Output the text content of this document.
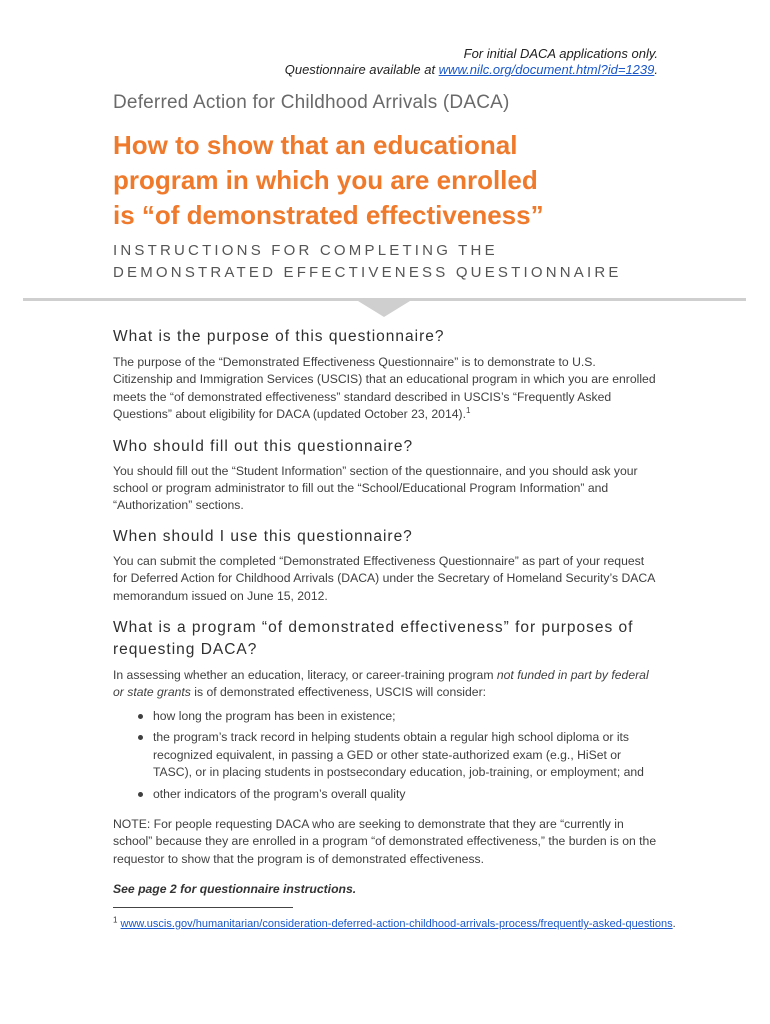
For initial DACA applications only.
Questionnaire available at www.nilc.org/document.html?id=1239.
Deferred Action for Childhood Arrivals (DACA)
How to show that an educational
program in which you are enrolled
is “of demonstrated effectiveness”
INSTRUCTIONS FOR COMPLETING THE
DEMONSTRATED EFFECTIVENESS QUESTIONNAIRE
What is the purpose of this questionnaire?

The purpose of the “Demonstrated Effectiveness Questionnaire” is to demonstrate to U.S. Citizenship and Immigration Services (USCIS) that an educational program in which you are enrolled meets the “of demonstrated effectiveness” standard described in USCIS’s “Frequently Asked Questions” about eligibility for DACA (updated October 23, 2014).$^1$

Who should fill out this questionnaire?

You should fill out the “Student Information” section of the questionnaire, and you should ask your school or program administrator to fill out the “School/Educational Program Information” and “Authorization” sections.

When should I use this questionnaire?

You can submit the completed “Demonstrated Effectiveness Questionnaire” as part of your request for Deferred Action for Childhood Arrivals (DACA) under the Secretary of Homeland Security’s DACA memorandum issued on June 15, 2012.

What is a program “of demonstrated effectiveness” for purposes of requesting DACA?

In assessing whether an education, literacy, or career-training program not funded in part by federal or state grants is of demonstrated effectiveness, USCIS will consider:

how long the program has been in existence;
the program’s track record in helping students obtain a regular high school diploma or its recognized equivalent, in passing a GED or other state-authorized exam (e.g., HiSet or TASC), or in placing students in postsecondary education, job-training, or employment; and
other indicators of the program’s overall quality

NOTE: For people requesting DACA who are seeking to demonstrate that they are “currently in school” because they are enrolled in a program “of demonstrated effectiveness,” the burden is on the requestor to show that the program is of demonstrated effectiveness.

See page 2 for questionnaire instructions.
$^1$ www.uscis.gov/humanitarian/consideration-deferred-action-childhood-arrivals-process/frequently-asked-questions.
